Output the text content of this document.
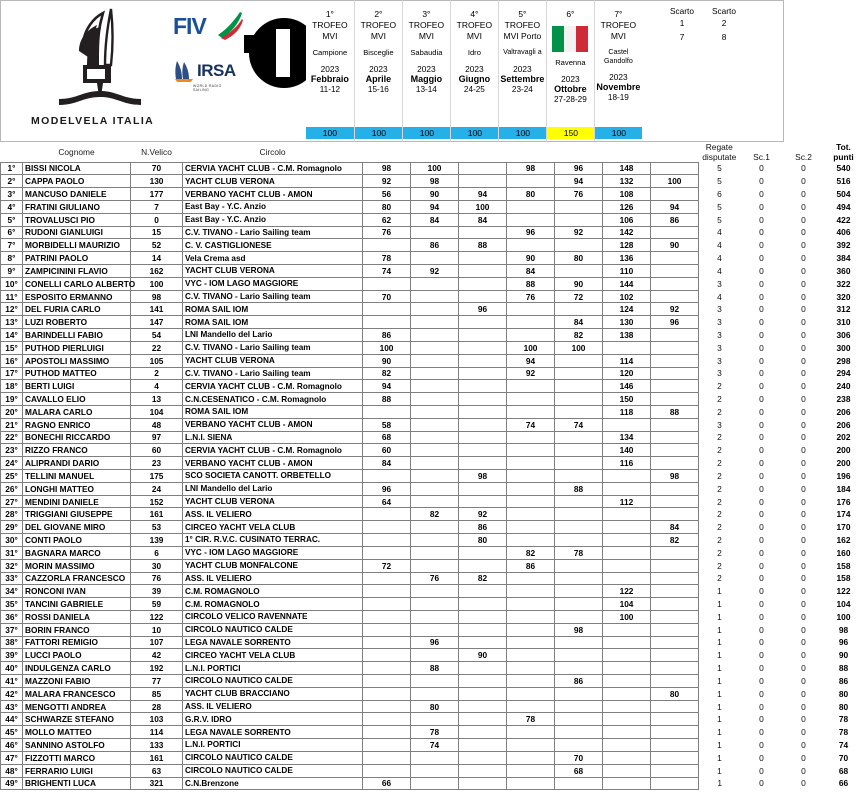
FIV
IRSA
WORLD RADIO SAILING
MODELVELA ITALIA
1°
TROFEO
MVI
Campione
2023
Febbraio
11-12
100
2°
TROFEO
MVI
Bisceglie
2023
Aprile
15-16
100
3°
TROFEO
MVI
Sabaudia
2023
Maggio
13-14
100
4°
TROFEO
MVI
Idro
2023
Giugno
24-25
100
5°
TROFEO
MVI Porto
Valtravagli a
2023
Settembre
23-24
100
6°
Ravenna
2023
Ottobre
27-28-29
150
7°
TROFEO
MVI
Castel Gandolfo
2023
Novembre
18-19
100
Scarto	Scarto
1	2
7	8
	Cognome	N.Velico	Circolo								Regate
disputate	Sc.1	Sc.2

Tot.
punti

1°	BISSI NICOLA	70	CERVIA YACHT CLUB - C.M. Romagnolo	98	100		98	96	148		5	0	0	540
2°	CAPPA PAOLO	130	YACHT CLUB VERONA	92	98			94	132	100	5	0	0	516
3°	MANCUSO DANIELE	177	VERBANO YACHT CLUB - AMON	56	90	94	80	76	108		6	0	0	504
4°	FRATINI GIULIANO	7	East Bay - Y.C. Anzio	80	94	100			126	94	5	0	0	494
5°	TROVALUSCI PIO	0	East Bay - Y.C. Anzio	62	84	84			106	86	5	0	0	422
6°	RUDONI GIANLUIGI	15	C.V. TIVANO - Lario Sailing team	76			96	92	142		4	0	0	406
7°	MORBIDELLI MAURIZIO	52	C. V. CASTIGLIONESE		86	88			128	90	4	0	0	392
8°	PATRINI PAOLO	14	Vela Crema asd	78			90	80	136		4	0	0	384
9°	ZAMPICININI FLAVIO	162	YACHT CLUB VERONA	74	92		84		110		4	0	0	360
10°	CONELLI CARLO ALBERTO	100	VYC - IOM LAGO MAGGIORE				88	90	144		3	0	0	322
11°	ESPOSITO ERMANNO	98	C.V. TIVANO - Lario Sailing team	70			76	72	102		4	0	0	320
12°	DEL FURIA CARLO	141	ROMA SAIL IOM			96			124	92	3	0	0	312
13°	LUZI ROBERTO	147	ROMA SAIL IOM					84	130	96	3	0	0	310
14°	BARINDELLI FABIO	54	LNI Mandello del Lario	86				82	138		3	0	0	306
15°	PUTHOD PIERLUIGI	22	C.V. TIVANO - Lario Sailing team	100			100	100			3	0	0	300
16°	APOSTOLI MASSIMO	105	YACHT CLUB VERONA	90			94		114		3	0	0	298
17°	PUTHOD MATTEO	2	C.V. TIVANO - Lario Sailing team	82			92		120		3	0	0	294
18°	BERTI LUIGI	4	CERVIA YACHT CLUB - C.M. Romagnolo	94					146		2	0	0	240
19°	CAVALLO ELIO	13	C.N.CESENATICO - C.M. Romagnolo	88					150		2	0	0	238
20°	MALARA CARLO	104	ROMA SAIL IOM						118	88	2	0	0	206
21°	RAGNO ENRICO	48	VERBANO YACHT CLUB - AMON	58			74	74			3	0	0	206
22°	BONECHI RICCARDO	97	L.N.I. SIENA	68					134		2	0	0	202
23°	RIZZO FRANCO	60	CERVIA YACHT CLUB - C.M. Romagnolo	60					140		2	0	0	200
24°	ALIPRANDI DARIO	23	VERBANO YACHT CLUB - AMON	84					116		2	0	0	200
25°	TELLINI MANUEL	175	SCO SOCIETA CANOTT. ORBETELLO			98				98	2	0	0	196
26°	LONGHI MATTEO	24	LNI Mandello del Lario	96				88			2	0	0	184
27°	MENDINI DANIELE	152	YACHT CLUB VERONA	64					112		2	0	0	176
28°	TRIGGIANI GIUSEPPE	161	ASS. IL VELIERO		82	92					2	0	0	174
29°	DEL GIOVANE MIRO	53	CIRCEO YACHT VELA CLUB			86				84	2	0	0	170
30°	CONTI PAOLO	139	1° CIR. R.V.C. CUSINATO TERRAC.			80				82	2	0	0	162
31°	BAGNARA MARCO	6	VYC - IOM LAGO MAGGIORE				82	78			2	0	0	160
32°	MORIN MASSIMO	30	YACHT CLUB MONFALCONE	72			86				2	0	0	158
33°	CAZZORLA FRANCESCO	76	ASS. IL VELIERO		76	82					2	0	0	158
34°	RONCONI IVAN	39	C.M. ROMAGNOLO						122		1	0	0	122
35°	TANCINI GABRIELE	59	C.M. ROMAGNOLO						104		1	0	0	104
36°	ROSSI DANIELA	122	CIRCOLO VELICO RAVENNATE						100		1	0	0	100
37°	BORIN FRANCO	10	CIRCOLO NAUTICO CALDE					98			1	0	0	98
38°	FATTORI REMIGIO	107	LEGA NAVALE SORRENTO		96						1	0	0	96
39°	LUCCI PAOLO	42	CIRCEO YACHT VELA CLUB			90					1	0	0	90
40°	INDULGENZA CARLO	192	L.N.I. PORTICI		88						1	0	0	88
41°	MAZZONI FABIO	77	CIRCOLO NAUTICO CALDE					86			1	0	0	86
42°	MALARA FRANCESCO	85	YACHT CLUB BRACCIANO							80	1	0	0	80
43°	MENGOTTI ANDREA	28	ASS. IL VELIERO		80						1	0	0	80
44°	SCHWARZE STEFANO	103	G.R.V. IDRO				78				1	0	0	78
45°	MOLLO MATTEO	114	LEGA NAVALE SORRENTO		78						1	0	0	78
46°	SANNINO ASTOLFO	133	L.N.I. PORTICI		74						1	0	0	74
47°	FIZZOTTI MARCO	161	CIRCOLO NAUTICO CALDE					70			1	0	0	70
48°	FERRARIO LUIGI	63	CIRCOLO NAUTICO CALDE					68			1	0	0	68
49°	BRIGHENTI LUCA	321	C.N.Brenzone	66							1	0	0	66
